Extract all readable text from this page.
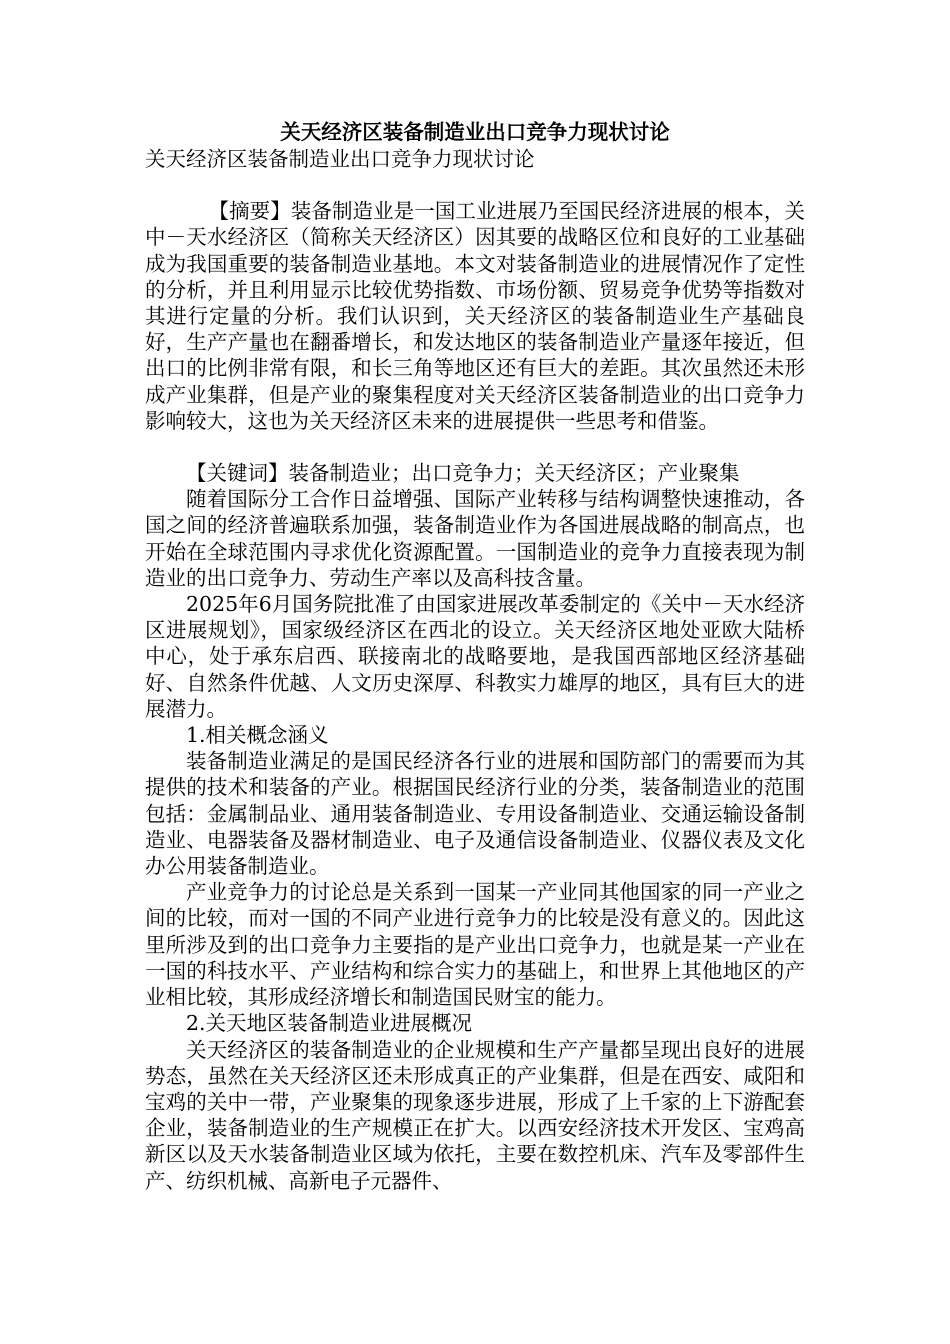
关天经济区装备制造业出口竞争力现状讨论

关天经济区装备制造业出口竞争力现状讨论

【摘要】装备制造业是一国工业进展乃至国民经济进展的根本，关中－天水经济区（简称关天经济区）因其要的战略区位和良好的工业基础成为我国重要的装备制造业基地。本文对装备制造业的进展情况作了定性的分析，并且利用显示比较优势指数、市场份额、贸易竞争优势等指数对其进行定量的分析。我们认识到，关天经济区的装备制造业生产基础良好，生产产量也在翻番增长，和发达地区的装备制造业产量逐年接近，但出口的比例非常有限，和长三角等地区还有巨大的差距。其次虽然还未形成产业集群，但是产业的聚集程度对关天经济区装备制造业的出口竞争力影响较大，这也为关天经济区未来的进展提供一些思考和借鉴。

【关键词】装备制造业；出口竞争力；关天经济区；产业聚集

随着国际分工合作日益增强、国际产业转移与结构调整快速推动，各国之间的经济普遍联系加强，装备制造业作为各国进展战略的制高点，也开始在全球范围内寻求优化资源配置。一国制造业的竞争力直接表现为制造业的出口竞争力、劳动生产率以及高科技含量。

2025年6月国务院批准了由国家进展改革委制定的《关中－天水经济区进展规划》，国家级经济区在西北的设立。关天经济区地处亚欧大陆桥中心，处于承东启西、联接南北的战略要地，是我国西部地区经济基础好、自然条件优越、人文历史深厚、科教实力雄厚的地区，具有巨大的进展潜力。

1.相关概念涵义

装备制造业满足的是国民经济各行业的进展和国防部门的需要而为其提供的技术和装备的产业。根据国民经济行业的分类，装备制造业的范围包括：金属制品业、通用装备制造业、专用设备制造业、交通运输设备制造业、电器装备及器材制造业、电子及通信设备制造业、仪器仪表及文化办公用装备制造业。

产业竞争力的讨论总是关系到一国某一产业同其他国家的同一产业之间的比较，而对一国的不同产业进行竞争力的比较是没有意义的。因此这里所涉及到的出口竞争力主要指的是产业出口竞争力，也就是某一产业在一国的科技水平、产业结构和综合实力的基础上，和世界上其他地区的产业相比较，其形成经济增长和制造国民财宝的能力。

2.关天地区装备制造业进展概况

关天经济区的装备制造业的企业规模和生产产量都呈现出良好的进展势态，虽然在关天经济区还未形成真正的产业集群，但是在西安、咸阳和宝鸡的关中一带，产业聚集的现象逐步进展，形成了上千家的上下游配套企业，装备制造业的生产规模正在扩大。以西安经济技术开发区、宝鸡高新区以及天水装备制造业区域为依托，主要在数控机床、汽车及零部件生产、纺织机械、高新电子元器件、
